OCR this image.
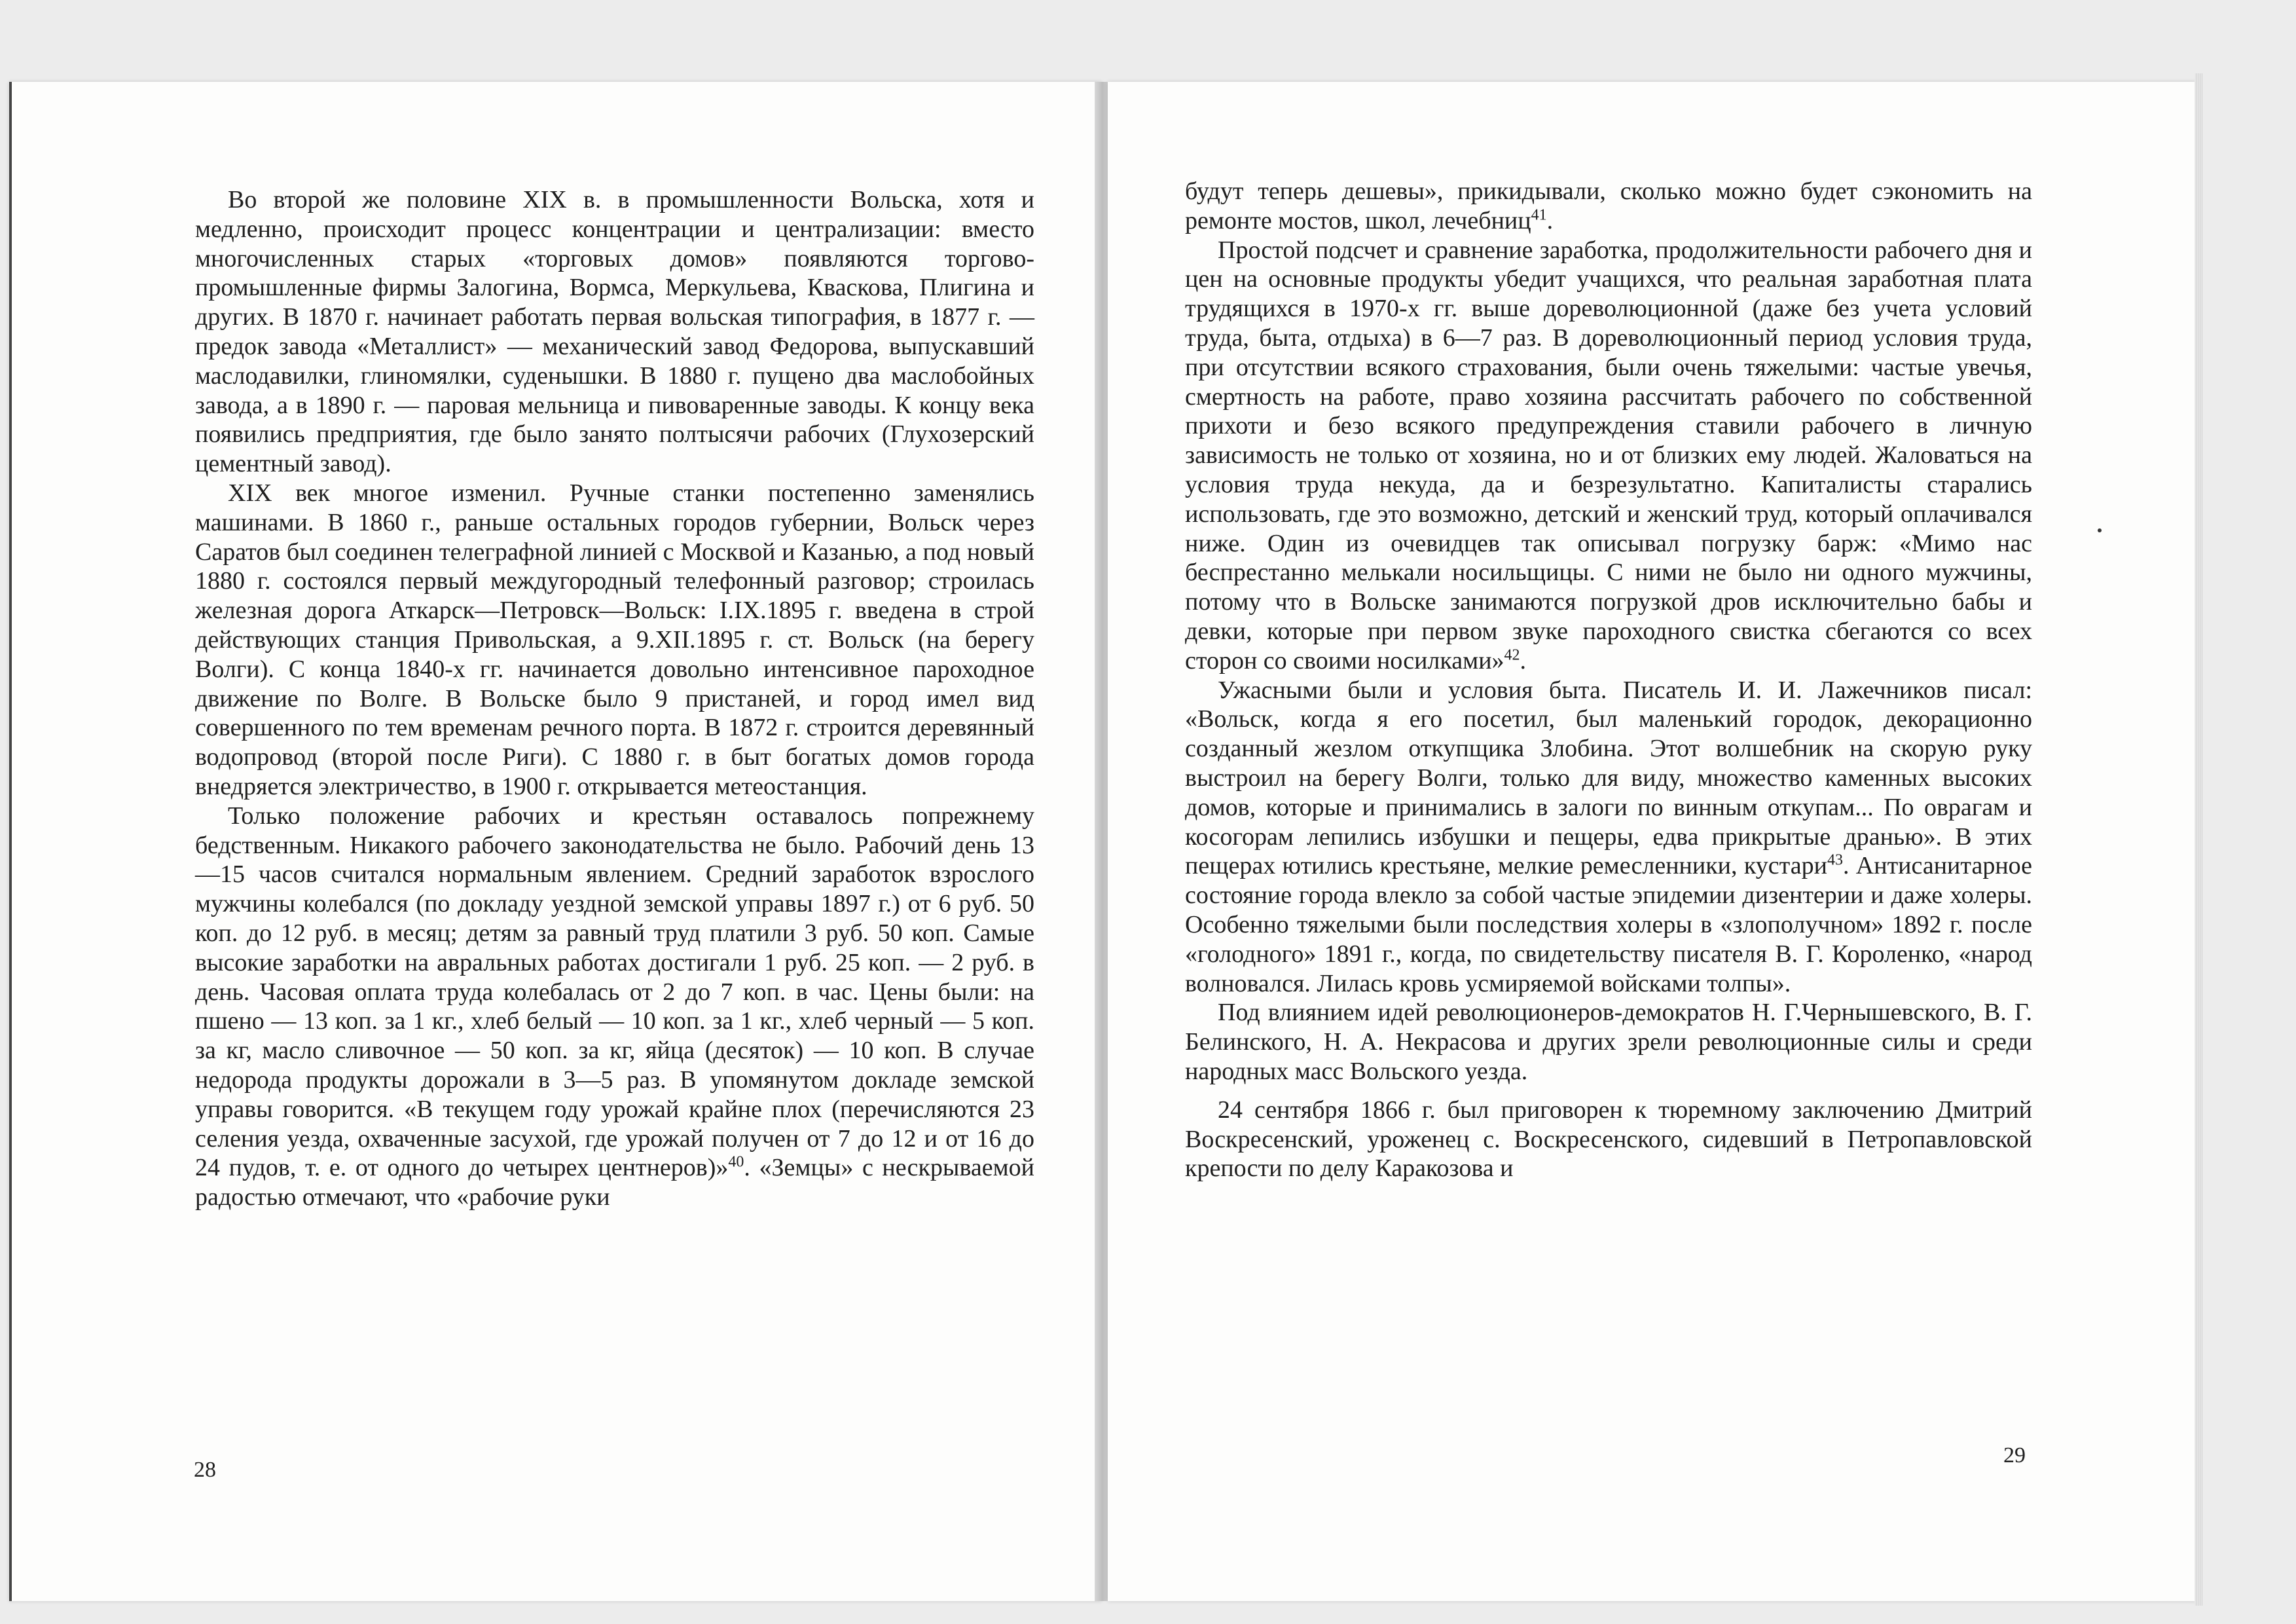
Во второй же половине XIX в. в промышленности Вольска, хотя и медленно, происходит процесс концентрации и централизации: вместо многочисленных старых «торговых домов» появляются торгово-промышленные фирмы Залогина, Вормса, Меркульева, Кваскова, Плигина и других. В 1870 г. начинает работать первая вольская типография, в 1877 г. — предок завода «Металлист» — механический завод Федорова, выпускавший маслодавилки, глиномялки, суденышки. В 1880 г. пущено два маслобойных завода, а в 1890 г. — паровая мельница и пивоваренные заводы. К концу века появились предприятия, где было занято полтысячи рабочих (Глухозерский цементный завод).

XIX век многое изменил. Ручные станки постепенно заменялись машинами. В 1860 г., раньше остальных городов губернии, Вольск через Саратов был соединен телеграфной линией с Москвой и Казанью, а под новый 1880 г. состоялся первый междугородный телефонный разговор; строилась железная дорога Аткарск—Петровск—Вольск: I.IX.1895 г. введена в строй действующих станция Привольская, а 9.XII.1895 г. ст. Вольск (на берегу Волги). С конца 1840-х гг. начинается довольно интенсивное пароходное движение по Волге. В Вольске было 9 пристаней, и город имел вид совершенного по тем временам речного порта. В 1872 г. строится деревянный водопровод (второй после Риги). С 1880 г. в быт богатых домов города внедряется электричество, в 1900 г. открывается метеостанция.

Только положение рабочих и крестьян оставалось попрежнему бедственным. Никакого рабочего законодательства не было. Рабочий день 13—15 часов считался нормальным явлением. Средний заработок взрослого мужчины колебался (по докладу уездной земской управы 1897 г.) от 6 руб. 50 коп. до 12 руб. в месяц; детям за равный труд платили 3 руб. 50 коп. Самые высокие заработки на авральных работах достигали 1 руб. 25 коп. — 2 руб. в день. Часовая оплата труда колебалась от 2 до 7 коп. в час. Цены были: на пшено — 13 коп. за 1 кг., хлеб белый — 10 коп. за 1 кг., хлеб черный — 5 коп. за кг, масло сливочное — 50 коп. за кг, яйца (десяток) — 10 коп. В случае недорода продукты дорожали в 3—5 раз. В упомянутом докладе земской управы говорится. «В текущем году урожай крайне плох (перечисляются 23 селения уезда, охваченные засухой, где урожай получен от 7 до 12 и от 16 до 24 пудов, т. е. от одного до четырех центнеров)»$^{40}$. «Земцы» с нескрываемой радостью отмечают, что «рабочие руки

28

будут теперь дешевы», прикидывали, сколько можно будет сэкономить на ремонте мостов, школ, лечебниц$^{41}$.

Простой подсчет и сравнение заработка, продолжительности рабочего дня и цен на основные продукты убедит учащихся, что реальная заработная плата трудящихся в 1970-х гг. выше дореволюционной (даже без учета условий труда, быта, отдыха) в 6—7 раз. В дореволюционный период условия труда, при отсутствии всякого страхования, были очень тяжелыми: частые увечья, смертность на работе, право хозяина рассчитать рабочего по собственной прихоти и безо всякого предупреждения ставили рабочего в личную зависимость не только от хозяина, но и от близких ему людей. Жаловаться на условия труда некуда, да и безрезультатно. Капиталисты старались использовать, где это возможно, детский и женский труд, который оплачивался ниже. Один из очевидцев так описывал погрузку барж: «Мимо нас беспрестанно мелькали носильщицы. С ними не было ни одного мужчины, потому что в Вольске занимаются погрузкой дров исключительно бабы и девки, которые при первом звуке пароходного свистка сбегаются со всех сторон со своими носилками»$^{42}$.

Ужасными были и условия быта. Писатель И. И. Лажечников писал: «Вольск, когда я его посетил, был маленький городок, декорационно созданный жезлом откупщика Злобина. Этот волшебник на скорую руку выстроил на берегу Волги, только для виду, множество каменных высоких домов, которые и принимались в залоги по винным откупам... По оврагам и косогорам лепились избушки и пещеры, едва прикрытые дранью». В этих пещерах ютились крестьяне, мелкие ремесленники, кустари$^{43}$. Антисанитарное состояние города влекло за собой частые эпидемии дизентерии и даже холеры. Особенно тяжелыми были последствия холеры в «злополучном» 1892 г. после «голодного» 1891 г., когда, по свидетельству писателя В. Г. Короленко, «народ волновался. Лилась кровь усмиряемой войсками толпы».

Под влиянием идей революционеров-демократов Н. Г.Чернышевского, В. Г. Белинского, Н. А. Некрасова и других зрели революционные силы и среди народных масс Вольского уезда.

24 сентября 1866 г. был приговорен к тюремному заключению Дмитрий Воскресенский, уроженец с. Воскресенского, сидевший в Петропавловской крепости по делу Каракозова и

29
